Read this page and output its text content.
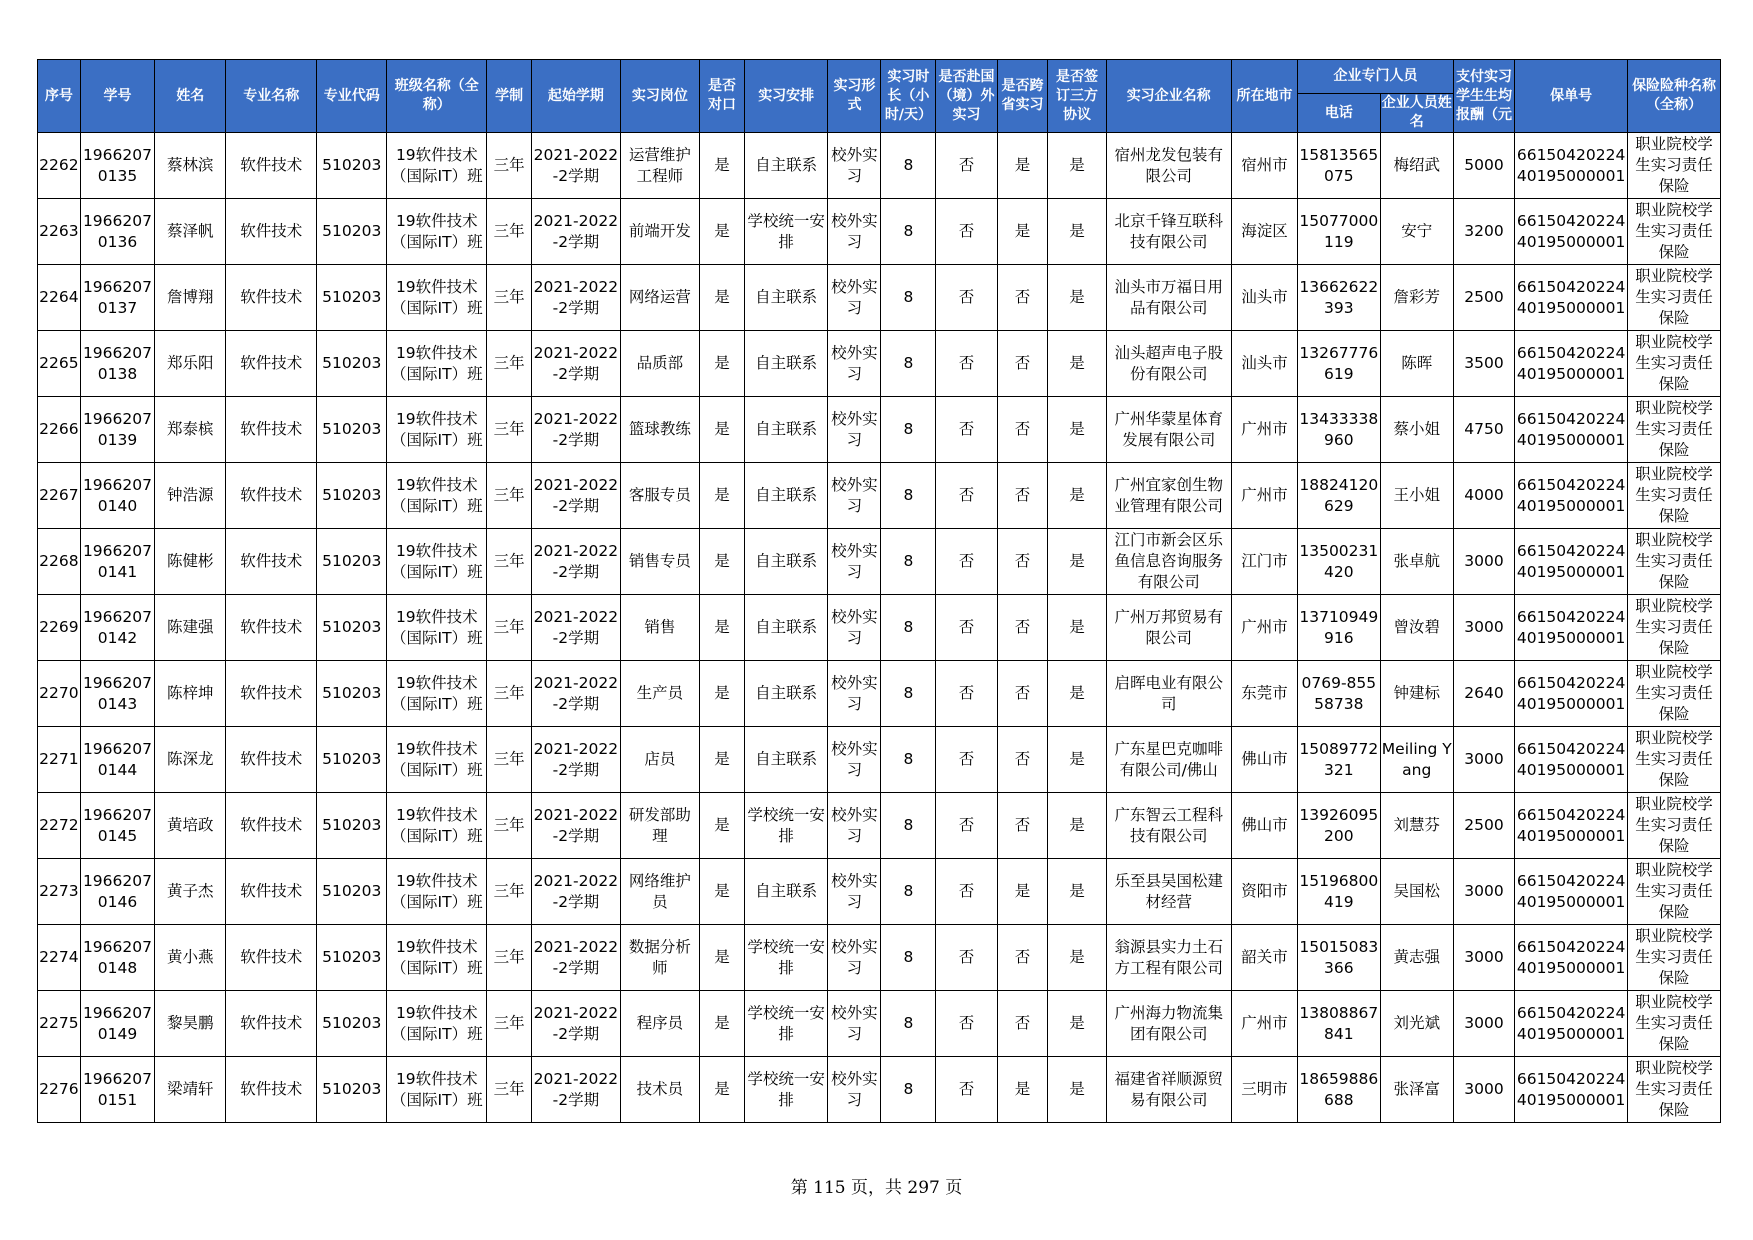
序号	学号	姓名	专业名称	专业代码	班级名称（全称）	学制	起始学期	实习岗位	是否对口	实习安排	实习形式	实习时长（小时/天）	是否赴国（境）外实习	是否跨省实习	是否签订三方协议	实习企业名称	所在地市	企业专门人员		支付实习学生生均报酬（元	保单号	保险险种名称（全称）
																		电话	企业人员姓名			

2262	19662070135	蔡林滨	软件技术	510203	19软件技术（国际IT）班	三年	2021-2022-2学期	运营维护工程师	是	自主联系	校外实习	8	否	是	是	宿州龙发包装有限公司	宿州市	15813565075	梅绍武	5000	6615042022440195000001	职业院校学生实习责任保险

2263	19662070136	蔡泽帆	软件技术	510203	19软件技术（国际IT）班	三年	2021-2022-2学期	前端开发	是	学校统一安排	校外实习	8	否	是	是	北京千锋互联科技有限公司	海淀区	15077000119	安宁	3200	6615042022440195000001	职业院校学生实习责任保险

2264	19662070137	詹博翔	软件技术	510203	19软件技术（国际IT）班	三年	2021-2022-2学期	网络运营	是	自主联系	校外实习	8	否	否	是	汕头市万福日用品有限公司	汕头市	13662622393	詹彩芳	2500	6615042022440195000001	职业院校学生实习责任保险

2265	19662070138	郑乐阳	软件技术	510203	19软件技术（国际IT）班	三年	2021-2022-2学期	品质部	是	自主联系	校外实习	8	否	否	是	汕头超声电子股份有限公司	汕头市	13267776619	陈晖	3500	6615042022440195000001	职业院校学生实习责任保险

2266	19662070139	郑泰槟	软件技术	510203	19软件技术（国际IT）班	三年	2021-2022-2学期	篮球教练	是	自主联系	校外实习	8	否	否	是	广州华蒙星体育发展有限公司	广州市	13433338960	蔡小姐	4750	6615042022440195000001	职业院校学生实习责任保险

2267	19662070140	钟浩源	软件技术	510203	19软件技术（国际IT）班	三年	2021-2022-2学期	客服专员	是	自主联系	校外实习	8	否	否	是	广州宜家创生物业管理有限公司	广州市	18824120629	王小姐	4000	6615042022440195000001	职业院校学生实习责任保险

2268	19662070141	陈健彬	软件技术	510203	19软件技术（国际IT）班	三年	2021-2022-2学期	销售专员	是	自主联系	校外实习	8	否	否	是	江门市新会区乐鱼信息咨询服务有限公司	江门市	13500231420	张卓航	3000	6615042022440195000001	职业院校学生实习责任保险

2269	19662070142	陈建强	软件技术	510203	19软件技术（国际IT）班	三年	2021-2022-2学期	销售	是	自主联系	校外实习	8	否	否	是	广州万邦贸易有限公司	广州市	13710949916	曾汝碧	3000	6615042022440195000001	职业院校学生实习责任保险

2270	19662070143	陈梓坤	软件技术	510203	19软件技术（国际IT）班	三年	2021-2022-2学期	生产员	是	自主联系	校外实习	8	否	否	是	启晖电业有限公司	东莞市	0769-85558738	钟建标	2640	6615042022440195000001	职业院校学生实习责任保险

2271	19662070144	陈深龙	软件技术	510203	19软件技术（国际IT）班	三年	2021-2022-2学期	店员	是	自主联系	校外实习	8	否	否	是	广东星巴克咖啡有限公司/佛山	佛山市	15089772321	Meiling Yang	3000	6615042022440195000001	职业院校学生实习责任保险

2272	19662070145	黄培政	软件技术	510203	19软件技术（国际IT）班	三年	2021-2022-2学期	研发部助理	是	学校统一安排	校外实习	8	否	否	是	广东智云工程科技有限公司	佛山市	13926095200	刘慧芬	2500	6615042022440195000001	职业院校学生实习责任保险

2273	19662070146	黄子杰	软件技术	510203	19软件技术（国际IT）班	三年	2021-2022-2学期	网络维护员	是	自主联系	校外实习	8	否	是	是	乐至县吴国松建材经营	资阳市	15196800419	吴国松	3000	6615042022440195000001	职业院校学生实习责任保险

2274	19662070148	黄小燕	软件技术	510203	19软件技术（国际IT）班	三年	2021-2022-2学期	数据分析师	是	学校统一安排	校外实习	8	否	否	是	翁源县实力土石方工程有限公司	韶关市	15015083366	黄志强	3000	6615042022440195000001	职业院校学生实习责任保险

2275	19662070149	黎昊鹏	软件技术	510203	19软件技术（国际IT）班	三年	2021-2022-2学期	程序员	是	学校统一安排	校外实习	8	否	否	是	广州海力物流集团有限公司	广州市	13808867841	刘光斌	3000	6615042022440195000001	职业院校学生实习责任保险

2276	19662070151	梁靖轩	软件技术	510203	19软件技术（国际IT）班	三年	2021-2022-2学期	技术员	是	学校统一安排	校外实习	8	否	是	是	福建省祥顺源贸易有限公司	三明市	18659886688	张泽富	3000	6615042022440195000001	职业院校学生实习责任保险
第 115 页，共 297 页
